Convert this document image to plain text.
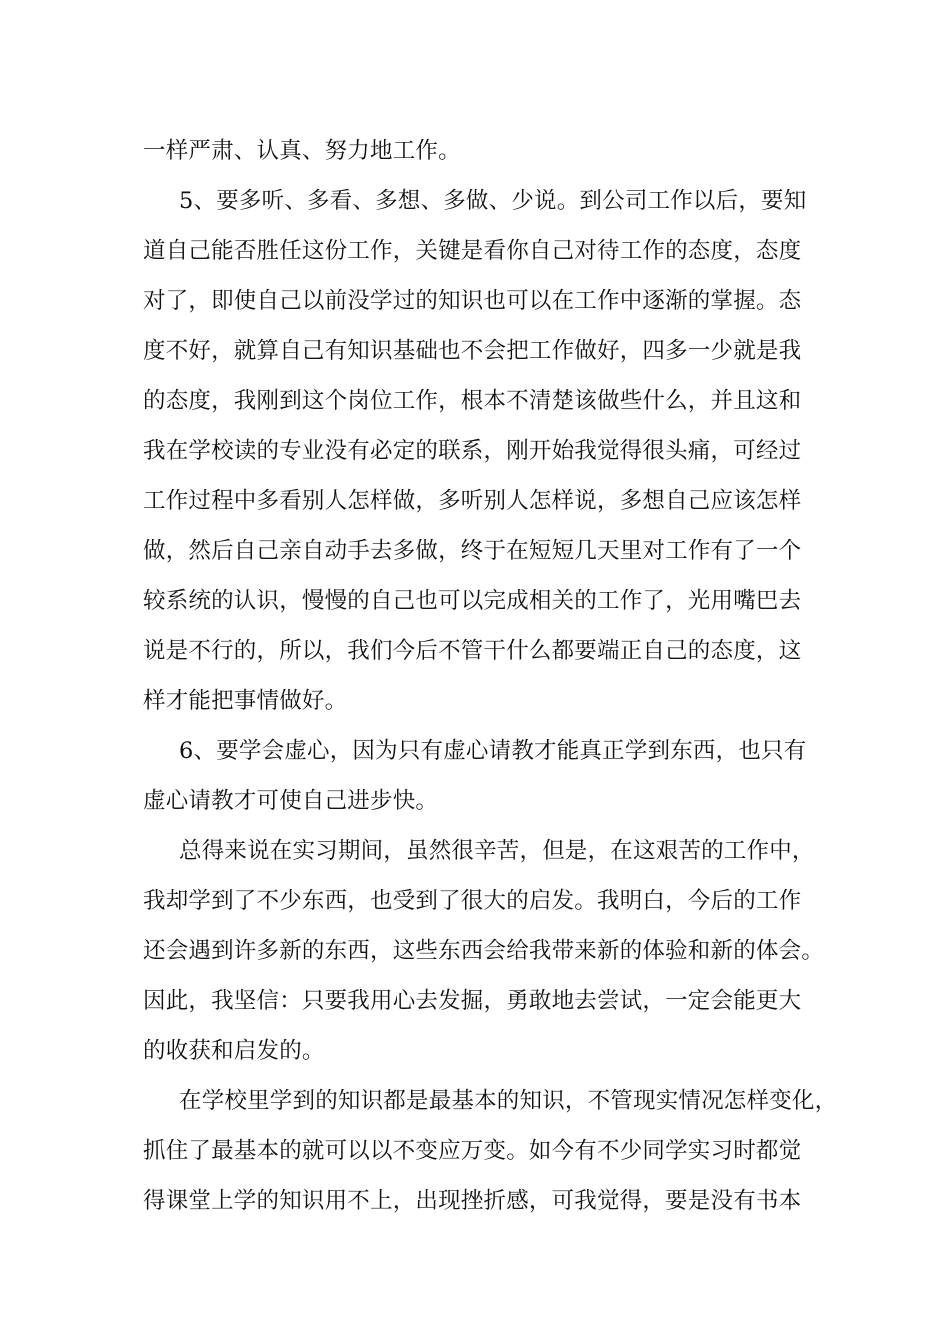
一样严肃、认真、努力地工作。
5、要多听、多看、多想、多做、少说。到公司工作以后，要知
道自己能否胜任这份工作，关键是看你自己对待工作的态度，态度
对了，即使自己以前没学过的知识也可以在工作中逐渐的掌握。态
度不好，就算自己有知识基础也不会把工作做好，四多一少就是我
的态度，我刚到这个岗位工作，根本不清楚该做些什么，并且这和
我在学校读的专业没有必定的联系，刚开始我觉得很头痛，可经过
工作过程中多看别人怎样做，多听别人怎样说，多想自己应该怎样
做，然后自己亲自动手去多做，终于在短短几天里对工作有了一个
较系统的认识，慢慢的自己也可以完成相关的工作了，光用嘴巴去
说是不行的，所以，我们今后不管干什么都要端正自己的态度，这
样才能把事情做好。
6、要学会虚心，因为只有虚心请教才能真正学到东西，也只有
虚心请教才可使自己进步快。
总得来说在实习期间，虽然很辛苦，但是，在这艰苦的工作中，
我却学到了不少东西，也受到了很大的启发。我明白，今后的工作
还会遇到许多新的东西，这些东西会给我带来新的体验和新的体会。
因此，我坚信：只要我用心去发掘，勇敢地去尝试，一定会能更大
的收获和启发的。
在学校里学到的知识都是最基本的知识，不管现实情况怎样变化，
抓住了最基本的就可以以不变应万变。如今有不少同学实习时都觉
得课堂上学的知识用不上，出现挫折感，可我觉得，要是没有书本
